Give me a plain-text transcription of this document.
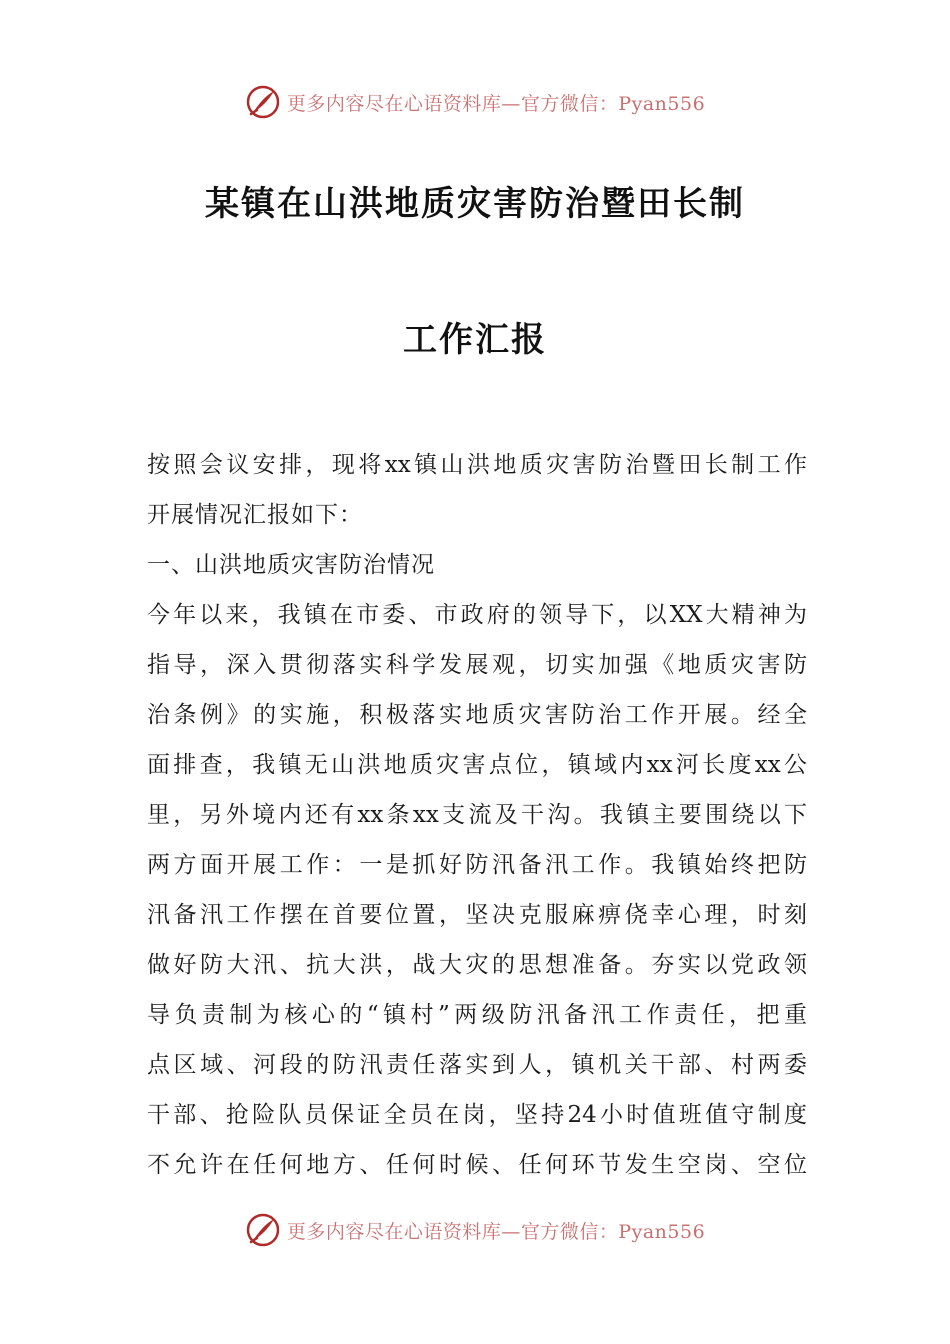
更多内容尽在心语资料库—官方微信：Pyan556
某镇在山洪地质灾害防治暨田长制
工作汇报
按照会议安排，现将xx镇山洪地质灾害防治暨田长制工作
开展情况汇报如下：
一、山洪地质灾害防治情况
今年以来，我镇在市委、市政府的领导下，以XX大精神为
指导，深入贯彻落实科学发展观，切实加强《地质灾害防
治条例》的实施，积极落实地质灾害防治工作开展。经全
面排查，我镇无山洪地质灾害点位，镇域内xx河长度xx公
里，另外境内还有xx条xx支流及干沟。我镇主要围绕以下
两方面开展工作：一是抓好防汛备汛工作。我镇始终把防
汛备汛工作摆在首要位置，坚决克服麻痹侥幸心理，时刻
做好防大汛、抗大洪，战大灾的思想准备。夯实以党政领
导负责制为核心的“镇村”两级防汛备汛工作责任，把重
点区域、河段的防汛责任落实到人，镇机关干部、村两委
干部、抢险队员保证全员在岗，坚持24小时值班值守制度
不允许在任何地方、任何时候、任何环节发生空岗、空位
更多内容尽在心语资料库—官方微信：Pyan556
